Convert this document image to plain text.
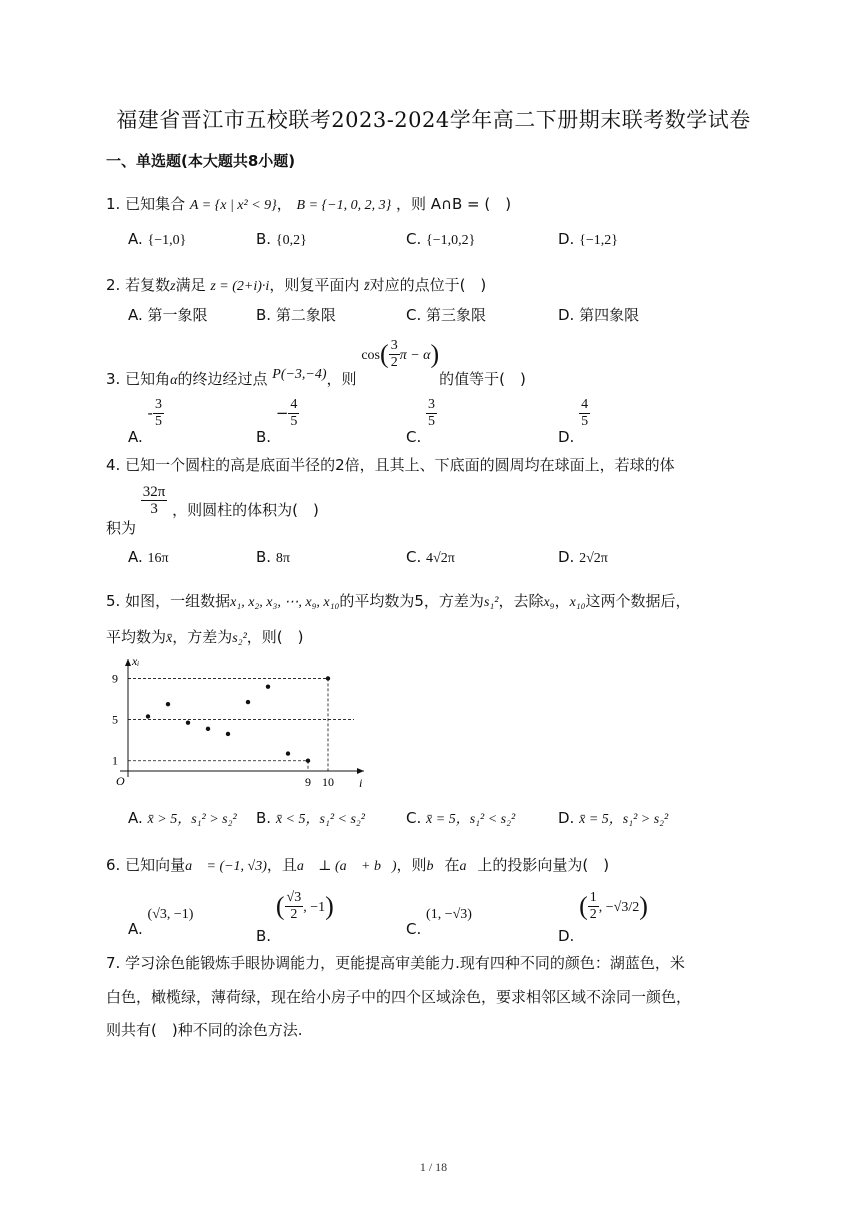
福建省晋江市五校联考2023-2024学年高二下册期末联考数学试卷
一、单选题(本大题共8小题)
1. 已知集合 A = {x | x² < 9}， B = {−1, 0, 2, 3} ，则 A∩B = (　)
A. {−1,0}	B. {0,2}	C. {−1,0,2}	D. {−1,2}
2. 若复数z满足 z = (2+i)·i，则复平面内 z̄对应的点位于(　)
A. 第一象限	B. 第二象限	C. 第三象限	D. 第四象限
3. 已知角α的终边经过点 P(−3,−4)，则 $\cos( \frac{3}{2}$ π − α)的值等于(　)
A. - $\frac{3}{5}$
B. − $\frac{4}{5}$
C.
$\frac{3}{5}$
D.
$\frac{4}{5}$
4. 已知一个圆柱的高是底面半径的2倍，且其上、下底面的圆周均在球面上，若球的体
积为
$\frac{32\pi}{3}$ ，则圆柱的体积为(　)
A. 16π	B. 8π	C. 4√2π	D. 2√2π
5. 如图，一组数据x₁, x₂, x₃, ⋯, x₉, x₁₀的平均数为5，方差为s₁²，去除x₉，x₁₀这两个数据后，
平均数为x̄，方差为s₂²，则(　)
1
5
9
9 10
O	i
xᵢ
A. x̄ > 5，s₁² > s₂² B. x̄ < 5，s₁² < s₂²	C. x̄ = 5，s₁² < s₂²	D. x̄ = 5，s₁² > s₂²
6. 已知向量a⃗ = (−1, √3)，且a⃗ ⊥ (a⃗ + b⃗)，则b⃗在a⃗上的投影向量为(　)
A. (√3, −1)
B. ( $\frac{√3}{2}$ , −1)
C. (1, −√3)
D. ( $\frac{1}{2}$ , −√3/2)
7. 学习涂色能锻炼手眼协调能力，更能提高审美能力.现有四种不同的颜色：湖蓝色，米
白色，橄榄绿，薄荷绿，现在给小房子中的四个区域涂色，要求相邻区域不涂同一颜色，
则共有(　)种不同的涂色方法.
1 / 18
